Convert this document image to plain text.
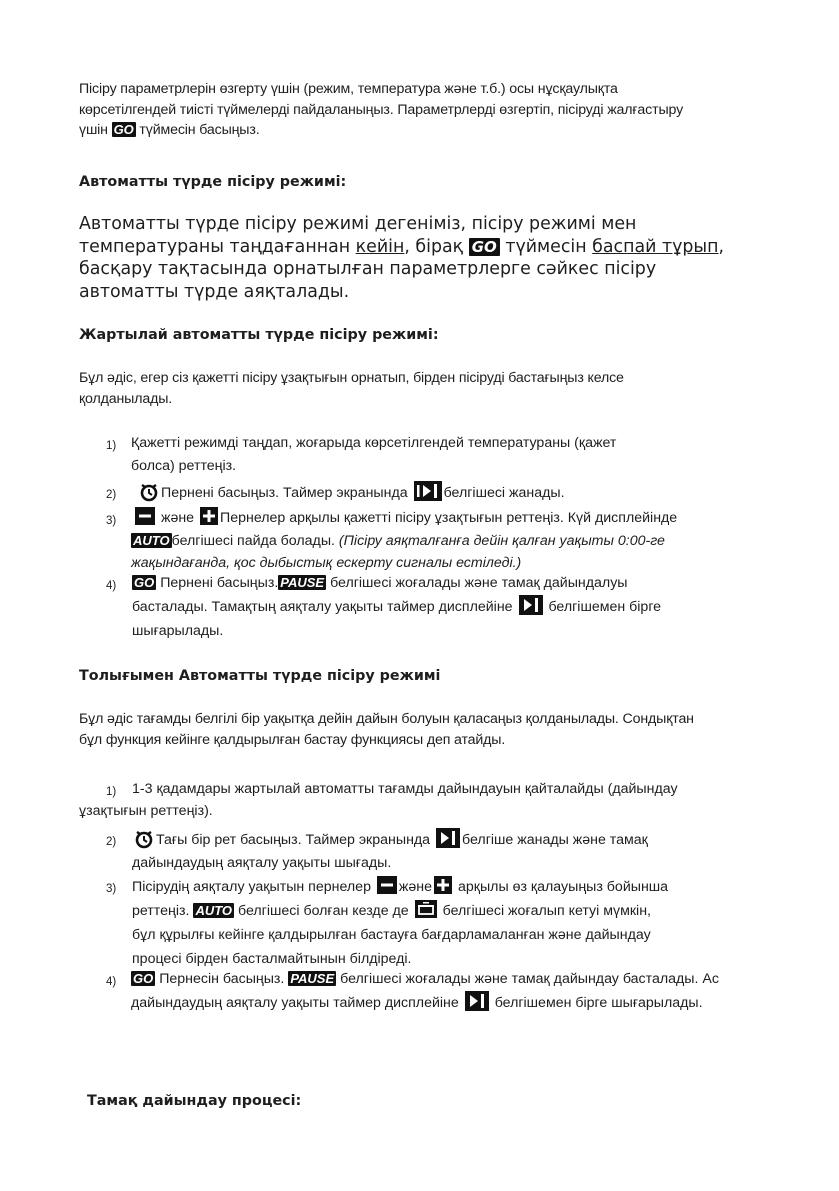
Пісіру параметрлерін өзгерту үшін (режим, температура және т.б.) осы нұсқаулықта
көрсетілгендей тиісті түймелерді пайдаланыңыз. Параметрлерді өзгертіп, пісіруді жалғастыру
үшін GO түймесін басыңыз.
Автоматты түрде пісіру режимі:
Автоматты түрде пісіру режимі дегеніміз, пісіру режимі мен
температураны таңдағаннан кейін, бірақ GO түймесін баспай тұрып,
басқару тақтасында орнатылған параметрлерге сәйкес пісіру
автоматты түрде аяқталады.
Жартылай автоматты түрде пісіру режимі:
Бұл әдіс, егер сіз қажетті пісіру ұзақтығын орнатып, бірден пісіруді бастағыңыз келсе
қолданылады.
1) Қажетті режимді таңдап, жоғарыда көрсетілгендей температураны (қажет
болса) реттеңіз.
2)	Пернені басыңыз. Таймер экранында	белгішесі жанады.
3)	және Пернелер арқылы қажетті пісіру ұзақтығын реттеңіз. Күй дисплейінде
AUTO белгішесі пайда болады. (Пісіру аяқталғанға дейін қалған уақыты 0:00-ге
жақындағанда, қос дыбыстық ескерту сигналы естіледі.)
4) GO Пернені басыңыз. PAUSE белгішесі жоғалады және тамақ дайындалуы
басталады. Тамақтың аяқталу уақыты таймер дисплейіне	белгішемен бірге
шығарылады.
Толығымен Автоматты түрде пісіру режимі
Бұл әдіс тағамды белгілі бір уақытқа дейін дайын болуын қаласаңыз қолданылады. Сондықтан
бұл функция кейінге қалдырылған бастау функциясы деп атайды.
1) 1-3 қадамдары жартылай автоматты тағамды дайындауын қайталайды (дайындау
ұзақтығын реттеңіз).
2)	Тағы бір рет басыңыз. Таймер экранында белгіше жанады және тамақ
дайындаудың аяқталу уақыты шығады.
3) Пісірудің аяқталу уақытын пернелер және арқылы өз қалауыңыз бойынша
реттеңіз. AUTO белгішесі болған кезде де белгішесі жоғалып кетуі мүмкін,
бұл құрылғы кейінге қалдырылған бастауға бағдарламаланған және дайындау
процесі бірден басталмайтынын білдіреді.
4) GO Пернесін басыңыз. PAUSE белгішесі жоғалады және тамақ дайындау басталады. Ас
дайындаудың аяқталу уақыты таймер дисплейіне	белгішемен бірге шығарылады.
Тамақ дайындау процесі:
